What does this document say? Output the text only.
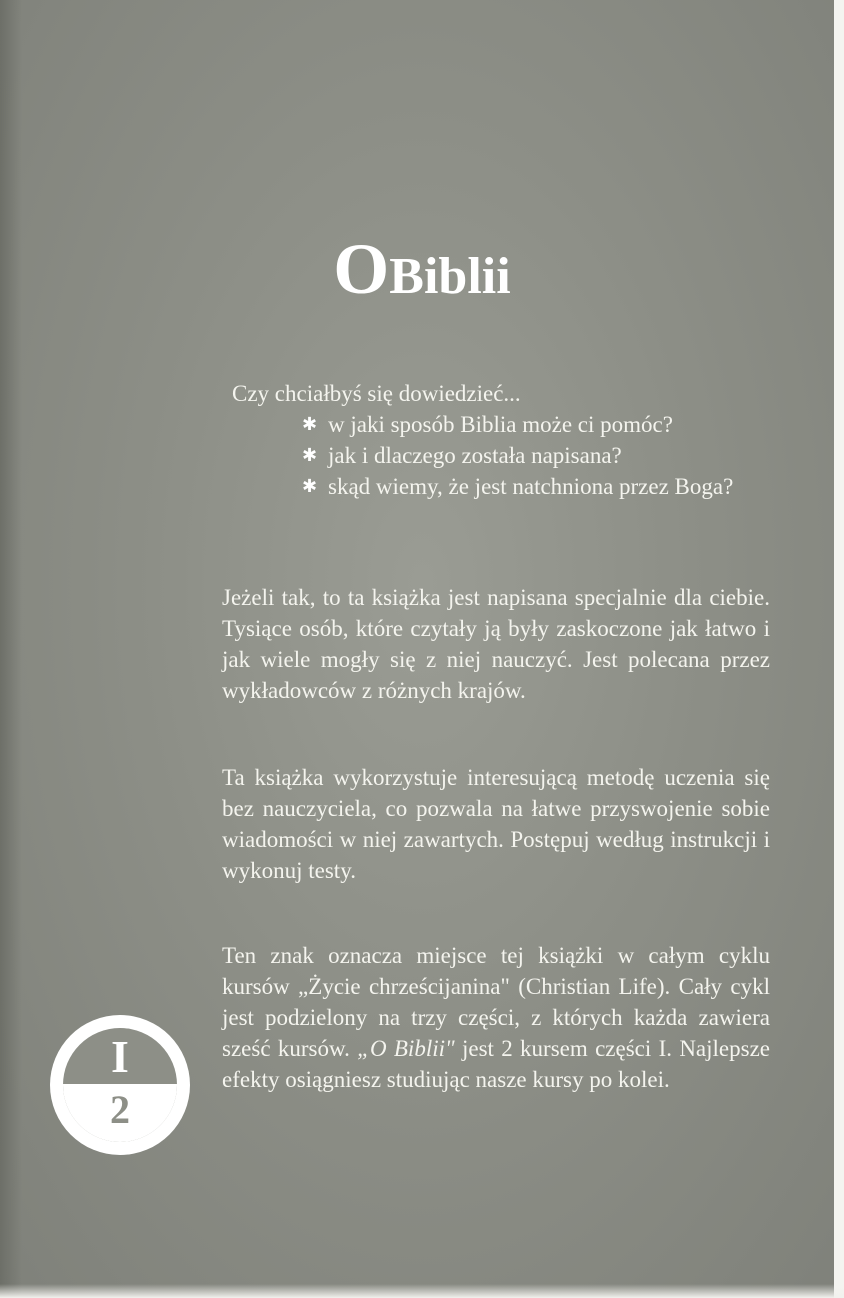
OBiblii
Czy chciałbyś się dowiedzieć...
✱ w jaki sposób Biblia może ci pomóc?
✱ jak i dlaczego została napisana?
✱ skąd wiemy, że jest natchniona przez Boga?

Jeżeli tak, to ta książka jest napisana specjalnie dla ciebie. Tysiące osób, które czytały ją były zaskoczone jak łatwo i jak wiele mogły się z niej nauczyć. Jest polecana przez wykładowców z różnych krajów.

Ta książka wykorzystuje interesującą metodę uczenia się bez nauczyciela, co pozwala na łatwe przyswojenie sobie wiadomości w niej zawartych. Postępuj według instrukcji i wykonuj testy.

Ten znak oznacza miejsce tej książki w całym cyklu kursów „Życie chrześcijanina" (Christian Life). Cały cykl jest podzielony na trzy części, z których każda zawiera sześć kursów. „O Biblii" jest 2 kursem części I. Najlepsze efekty osiągniesz studiując nasze kursy po kolei.

I
2
